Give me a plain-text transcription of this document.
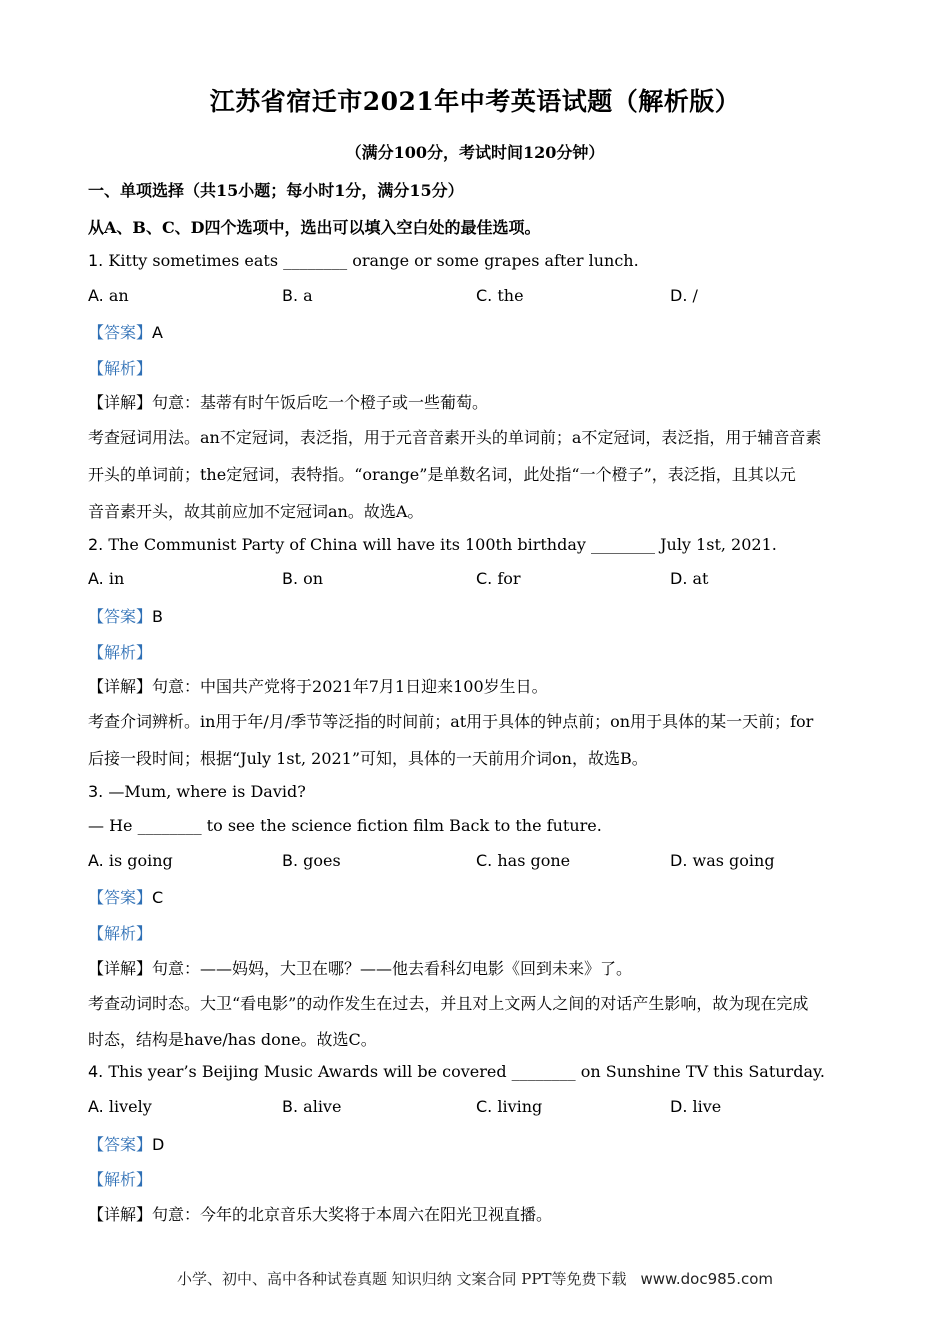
江苏省宿迁市2021年中考英语试题（解析版）
（满分100分，考试时间120分钟）
一、单项选择（共15小题；每小时1分，满分15分）
从A、B、C、D四个选项中，选出可以填入空白处的最佳选项。
1. Kitty sometimes eats ________ orange or some grapes after lunch.
A. an	B. a	C. the	D. /
【答案】A
【解析】
【详解】句意：基蒂有时午饭后吃一个橙子或一些葡萄。
考查冠词用法。an不定冠词，表泛指，用于元音音素开头的单词前；a不定冠词，表泛指，用于辅音音素
开头的单词前；the定冠词，表特指。“orange”是单数名词，此处指“一个橙子”，表泛指，且其以元
音音素开头，故其前应加不定冠词an。故选A。
2. The Communist Party of China will have its 100th birthday ________ July 1st, 2021.
A. in	B. on	C. for	D. at
【答案】B
【解析】
【详解】句意：中国共产党将于2021年7月1日迎来100岁生日。
考查介词辨析。in用于年/月/季节等泛指的时间前；at用于具体的钟点前；on用于具体的某一天前；for
后接一段时间；根据“July 1st, 2021”可知，具体的一天前用介词on，故选B。
3. —Mum, where is David?
— He ________ to see the science fiction film Back to the future.
A. is going	B. goes	C. has gone	D. was going
【答案】C
【解析】
【详解】句意：——妈妈，大卫在哪？——他去看科幻电影《回到未来》了。
考查动词时态。大卫“看电影”的动作发生在过去，并且对上文两人之间的对话产生影响，故为现在完成
时态，结构是have/has done。故选C。
4. This year’s Beijing Music Awards will be covered ________ on Sunshine TV this Saturday.
A. lively	B. alive	C. living	D. live
【答案】D
【解析】
【详解】句意：今年的北京音乐大奖将于本周六在阳光卫视直播。
小学、初中、高中各种试卷真题 知识归纳 文案合同 PPT等免费下载 www.doc985.com
